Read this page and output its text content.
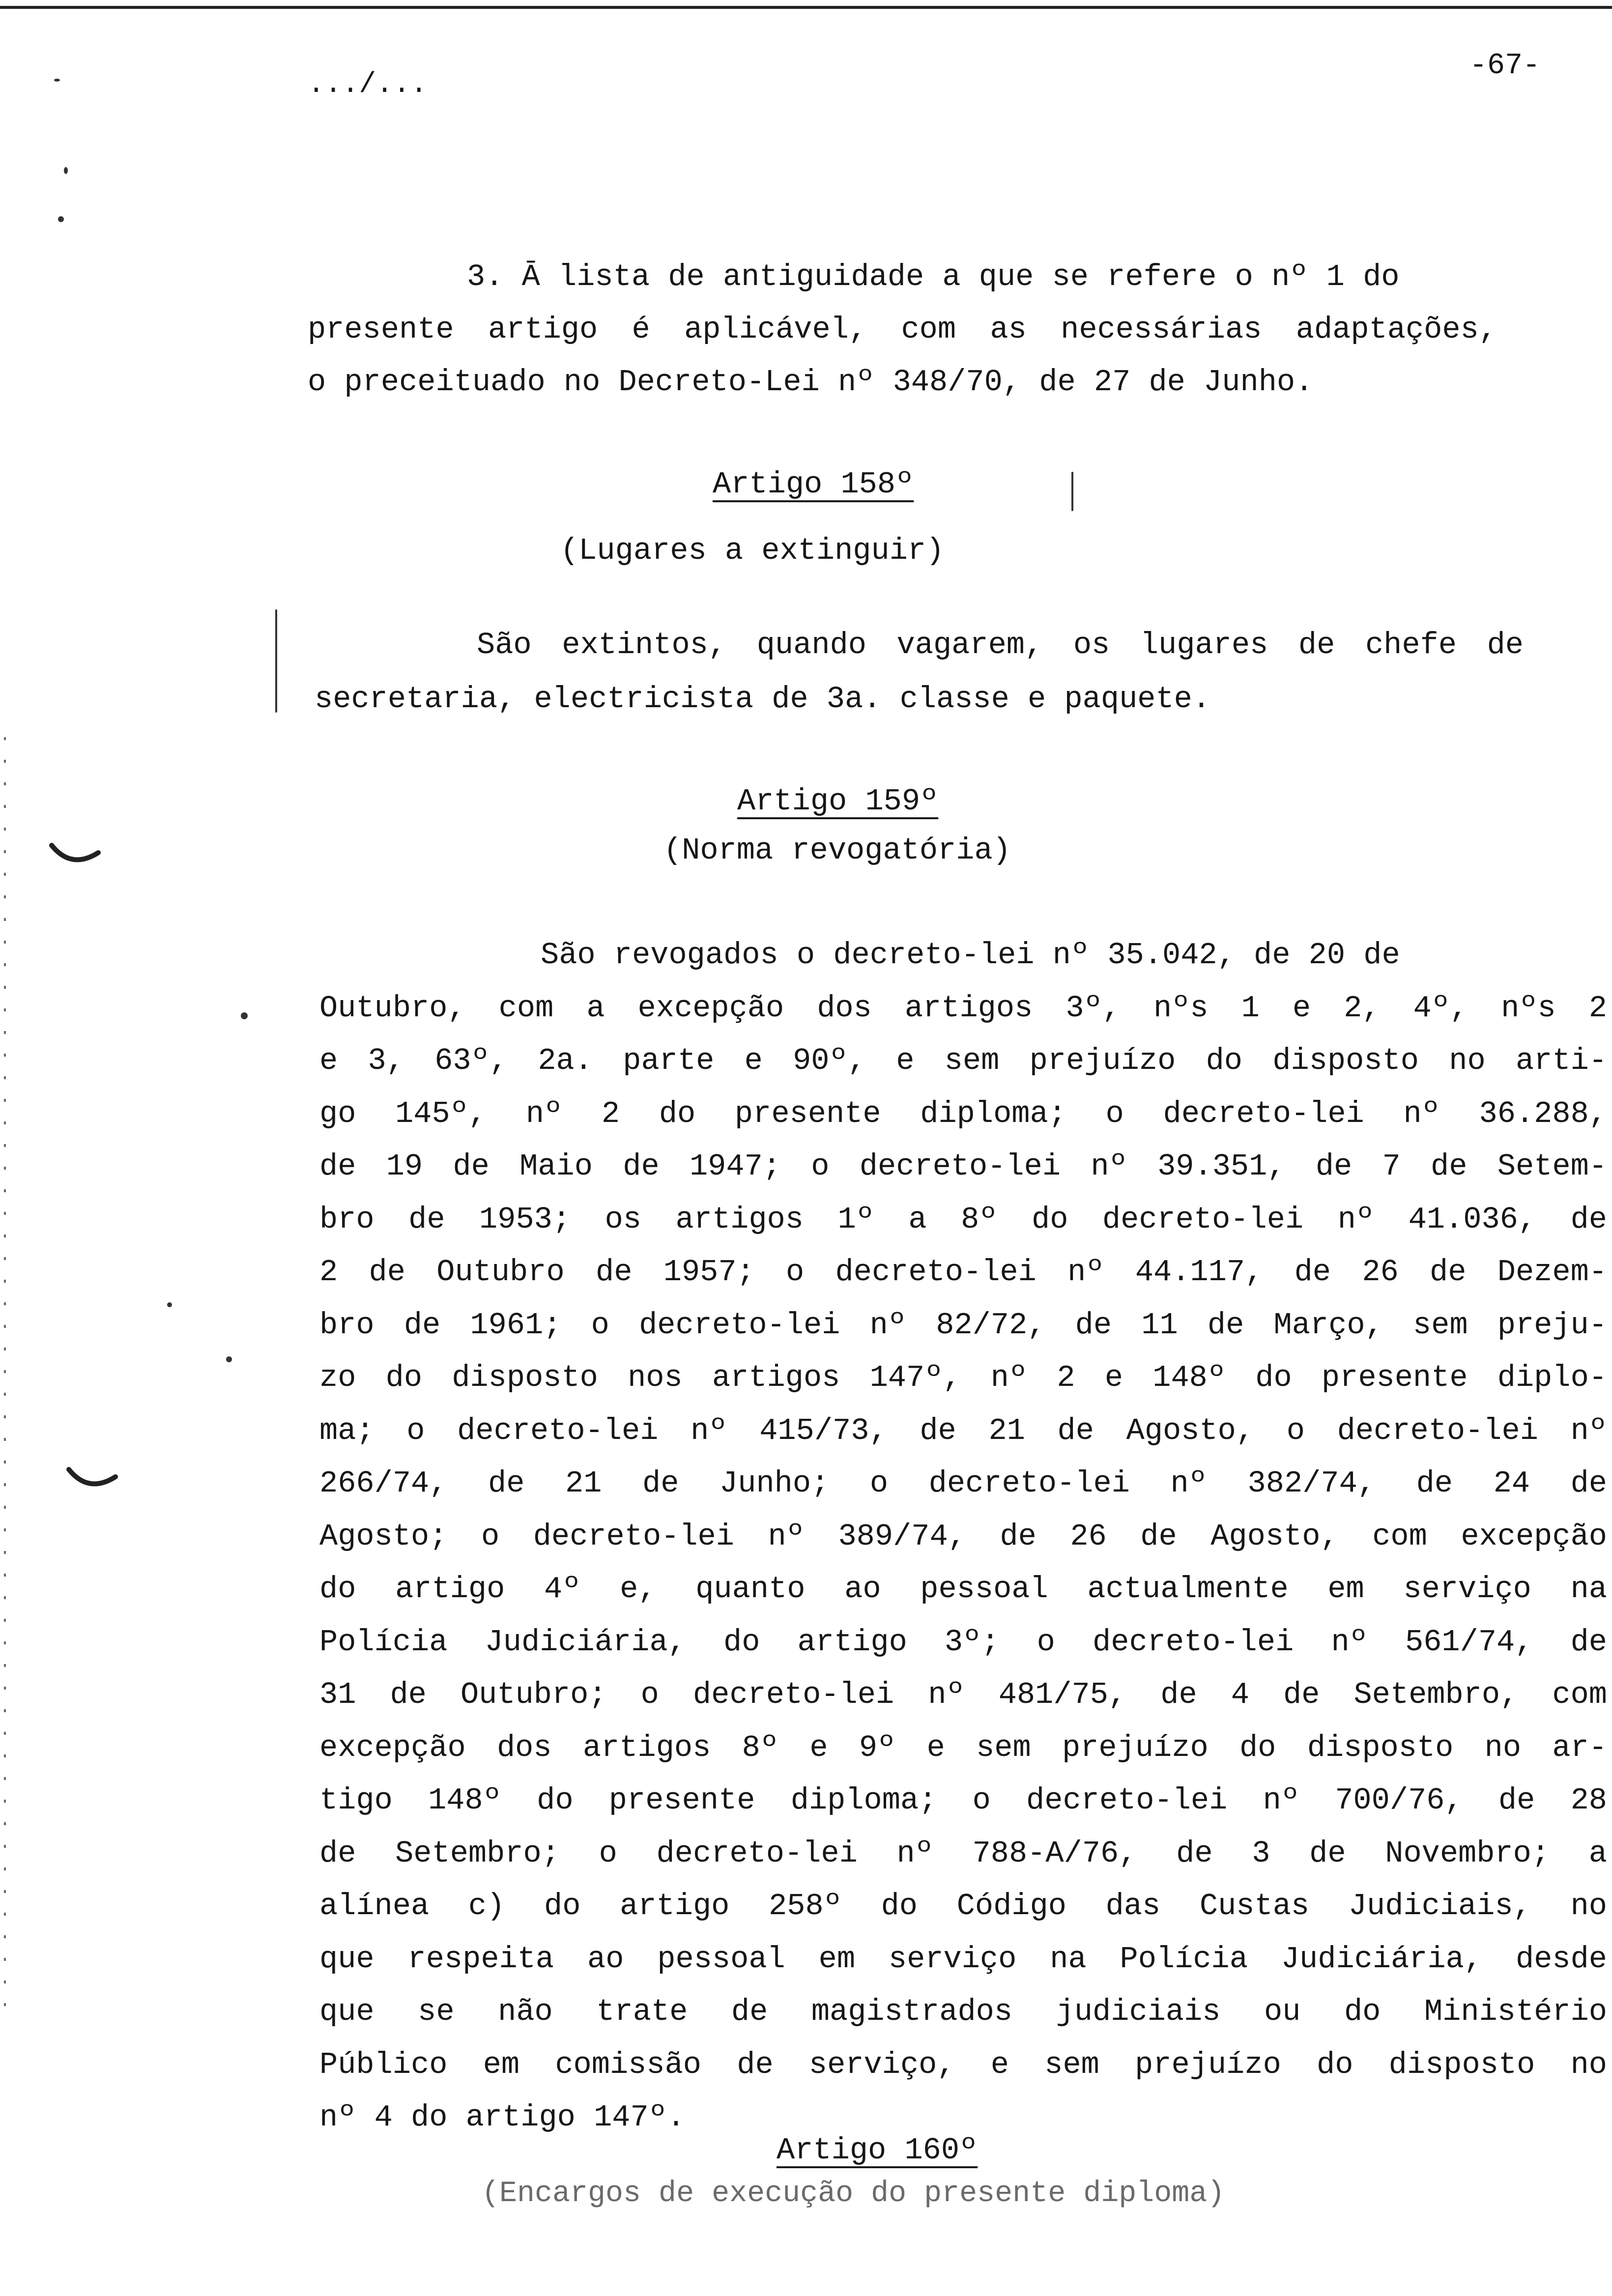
.../...
-67-
3. Ā lista de antiguidade a que se refere o nº 1 do
presente artigo é aplicável, com as necessárias adaptações,
o preceituado no Decreto-Lei nº 348/70, de 27 de Junho.
Artigo 158º
(Lugares a extinguir)
São extintos, quando vagarem, os lugares de chefe de
secretaria, electricista de 3a. classe e paquete.
Artigo 159º
(Norma revogatória)
São revogados o decreto-lei nº 35.042, de 20 de
Outubro, com a excepção dos artigos 3º, nºs 1 e 2, 4º, nºs 2
e 3, 63º, 2a. parte e 90º, e sem prejuízo do disposto no arti-
go 145º, nº 2 do presente diploma; o decreto-lei nº 36.288,
de 19 de Maio de 1947; o decreto-lei nº 39.351, de 7 de Setem-
bro de 1953; os artigos 1º a 8º do decreto-lei nº 41.036, de
2 de Outubro de 1957; o decreto-lei nº 44.117, de 26 de Dezem-
bro de 1961; o decreto-lei nº 82/72, de 11 de Março, sem preju-
zo do disposto nos artigos 147º, nº 2 e 148º do presente diplo-
ma; o decreto-lei nº 415/73, de 21 de Agosto, o decreto-lei nº
266/74, de 21 de Junho; o decreto-lei nº 382/74, de 24 de
Agosto; o decreto-lei nº 389/74, de 26 de Agosto, com excepção
do artigo 4º e, quanto ao pessoal actualmente em serviço na
Polícia Judiciária, do artigo 3º; o decreto-lei nº 561/74, de
31 de Outubro; o decreto-lei nº 481/75, de 4 de Setembro, com
excepção dos artigos 8º e 9º e sem prejuízo do disposto no ar-
tigo 148º do presente diploma; o decreto-lei nº 700/76, de 28
de Setembro; o decreto-lei nº 788-A/76, de 3 de Novembro; a
alínea c) do artigo 258º do Código das Custas Judiciais, no
que respeita ao pessoal em serviço na Polícia Judiciária, desde
que se não trate de magistrados judiciais ou do Ministério
Público em comissão de serviço, e sem prejuízo do disposto no
nº 4 do artigo 147º.
Artigo 160º
(Encargos de execução do presente diploma)
